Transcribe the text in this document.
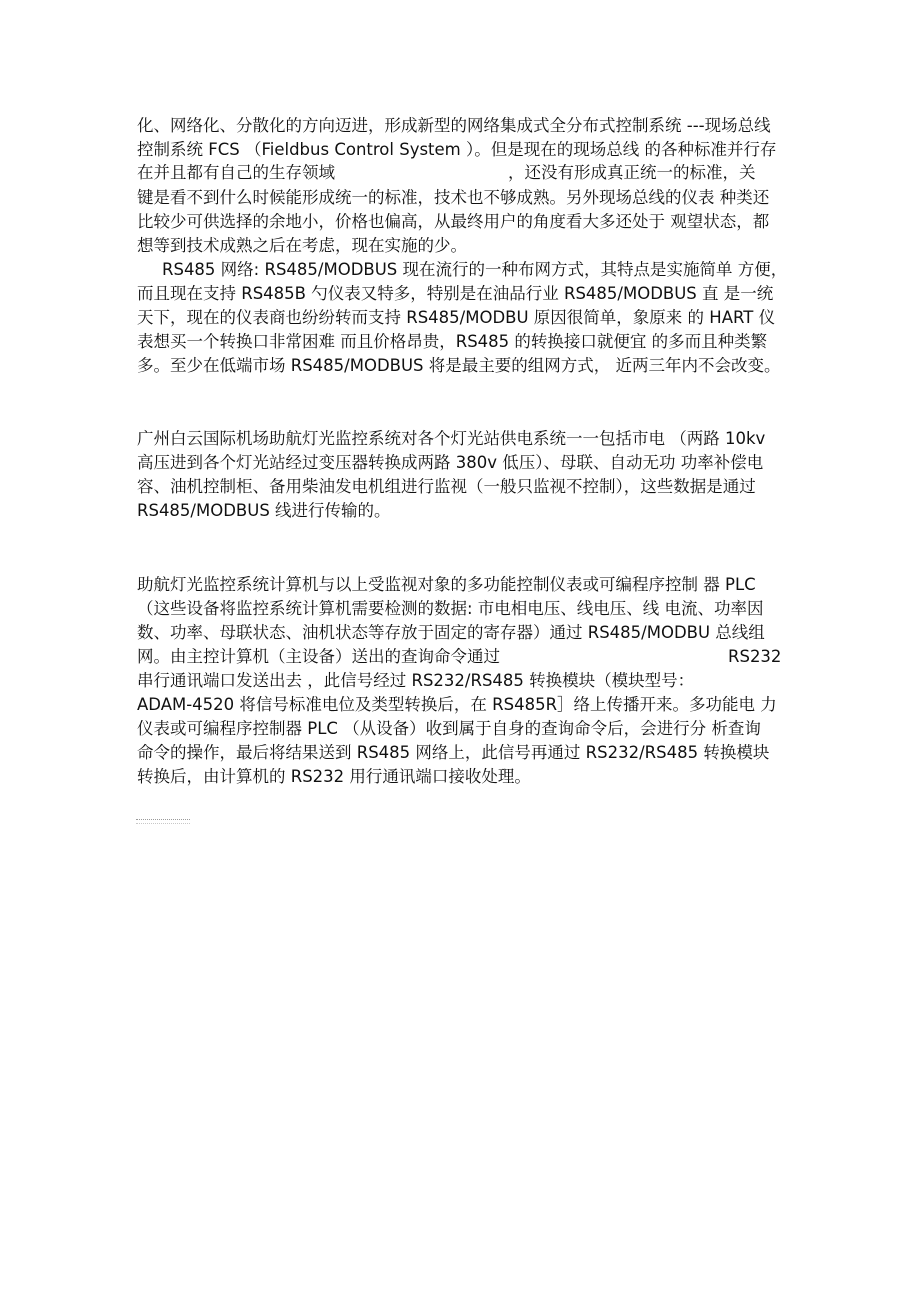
化、网络化、分散化的方向迈进，形成新型的网络集成式全分布式控制系统 ---现场总线
控制系统 FCS （Fieldbus Control System ）。但是现在的现场总线 的各种标准并行存
在并且都有自己的生存领域	，还没有形成真正统一的标准，关
键是看不到什么时候能形成统一的标准，技术也不够成熟。另外现场总线的仪表 种类还
比较少可供选择的余地小，价格也偏高，从最终用户的角度看大多还处于 观望状态，都
想等到技术成熟之后在考虑，现在实施的少。
RS485 网络: RS485/MODBUS 现在流行的一种布网方式，其特点是实施简单 方便，
而且现在支持 RS485B 勺仪表又特多，特别是在油品行业 RS485/MODBUS 直 是一统
天下，现在的仪表商也纷纷转而支持 RS485/MODBU 原因很简单，象原来 的 HART 仪
表想买一个转换口非常困难 而且价格昂贵，RS485 的转换接口就便宜 的多而且种类繁
多。至少在低端市场 RS485/MODBUS 将是最主要的组网方式， 近两三年内不会改变。
广州白云国际机场助航灯光监控系统对各个灯光站供电系统一一包括市电 （两路 10kv
高压进到各个灯光站经过变压器转换成两路 380v 低压）、母联、自动无功 功率补偿电
容、油机控制柜、备用柴油发电机组进行监视（一般只监视不控制），这些数据是通过
RS485/MODBUS 线进行传输的。
助航灯光监控系统计算机与以上受监视对象的多功能控制仪表或可编程序控制 器 PLC
（这些设备将监控系统计算机需要检测的数据: 市电相电压、线电压、线 电流、功率因
数、功率、母联状态、油机状态等存放于固定的寄存器）通过 RS485/MODBU 总线组
网。由主控计算机（主设备）送出的查询命令通过	RS232
串行通讯端口发送出去 ，此信号经过 RS232/RS485 转换模块（模块型号：
ADAM-4520 将信号标准电位及类型转换后，在 RS485R］络上传播开来。多功能电 力
仪表或可编程序控制器 PLC （从设备）收到属于自身的查询命令后，会进行分 析查询
命令的操作，最后将结果送到 RS485 网络上，此信号再通过 RS232/RS485 转换模块
转换后，由计算机的 RS232 用行通讯端口接收处理。
